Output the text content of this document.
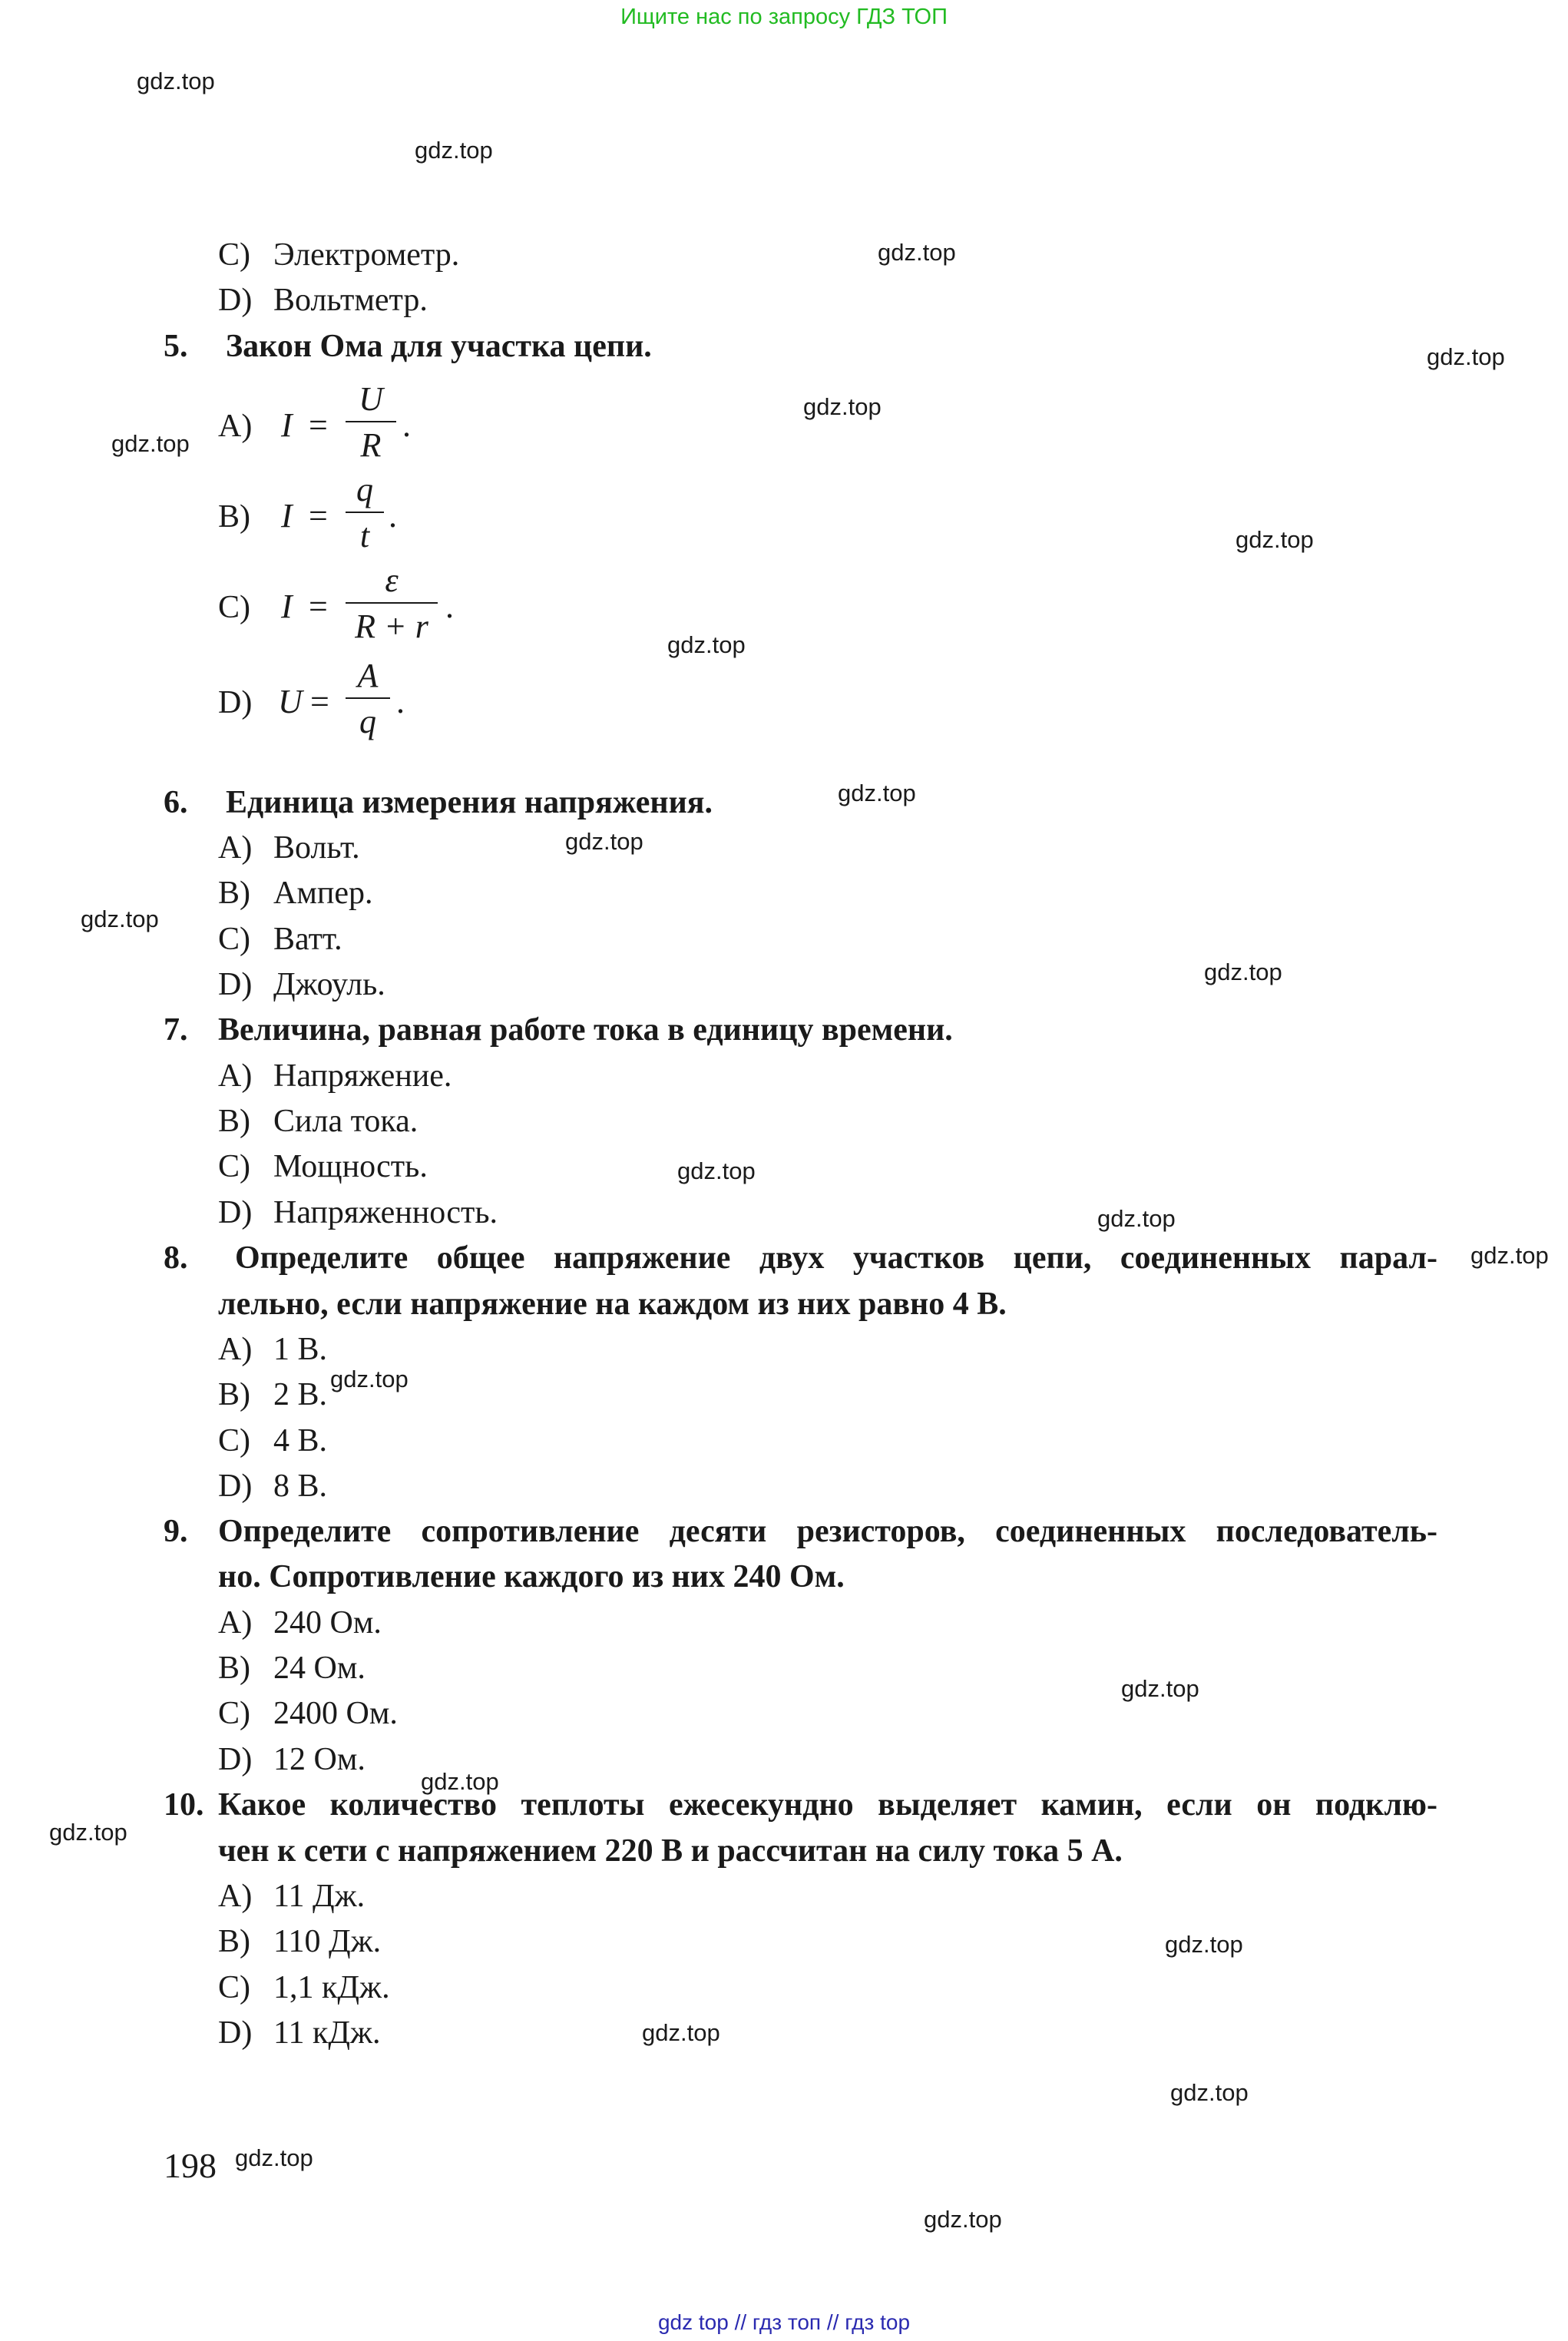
Ищите нас по запросу ГДЗ ТОП
gdz.top
gdz.top
gdz.top
gdz.top
gdz.top
gdz.top
gdz.top
gdz.top
gdz.top
gdz.top
gdz.top
gdz.top
gdz.top
gdz.top
gdz.top
gdz.top
gdz.top
gdz.top
gdz.top
gdz.top
gdz.top
gdz.top
gdz.top
gdz.top
C) Электрометр.
D) Вольтметр.
5. Закон Ома для участка цепи.
A) I =
U
R
.
B) I =
q
t
.
C) I =
ε
R + r
.
D) U =
A
q
.
6. Единица измерения напряжения.
A) Вольт.
B) Ампер.
C) Ватт.
D) Джоуль.
7. Величина, равная работе тока в единицу времени.
A) Напряжение.
B) Сила тока.
C) Мощность.
D) Напряженность.
8. Определите общее напряжение двух участков цепи, соединенных парал-
лельно, если напряжение на каждом из них равно 4 В.
A) 1 В.
B) 2 В.
C) 4 В.
D) 8 В.
9. Определите сопротивление десяти резисторов, соединенных последователь-
но. Сопротивление каждого из них 240 Ом.
A) 240 Ом.
B) 24 Ом.
C) 2400 Ом.
D) 12 Ом.
10. Какое количество теплоты ежесекундно выделяет камин, если он подклю-
чен к сети с напряжением 220 В и рассчитан на силу тока 5 А.
A) 11 Дж.
B) 110 Дж.
C) 1,1 кДж.
D) 11 кДж.
198
gdz top // гдз топ // гдз top
